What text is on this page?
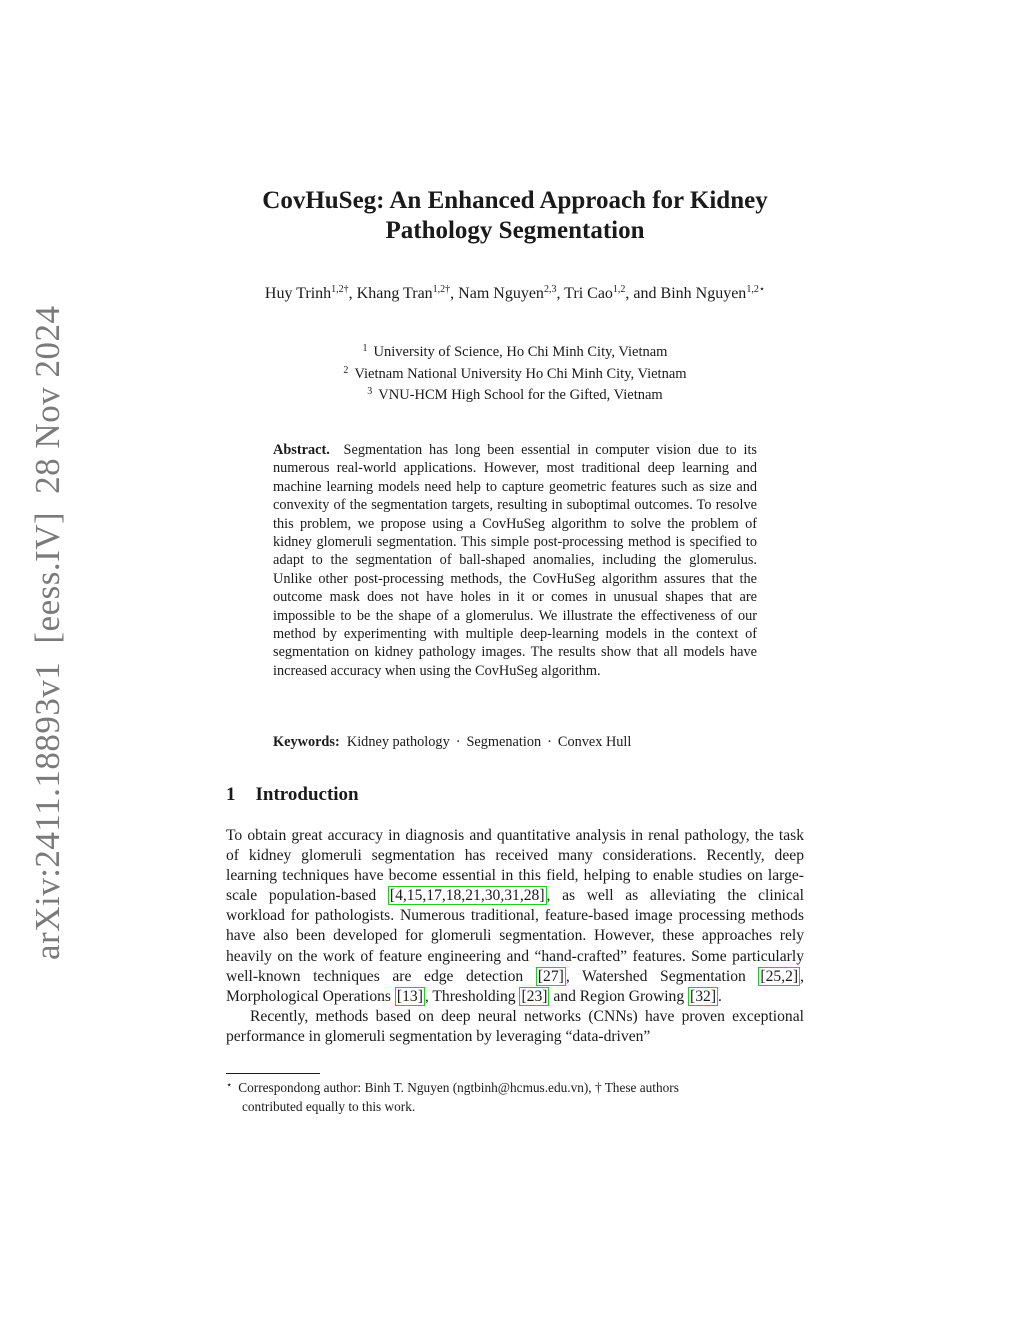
arXiv:2411.18893v1[eess.IV]28 Nov 2024
CovHuSeg: An Enhanced Approach for Kidney
Pathology Segmentation
Huy Trinh$^{1,2\dagger}$, Khang Tran$^{1,2\dagger}$, Nam Nguyen$^{2,3}$, Tri Cao$^{1,2}$, and Binh Nguyen$^{1,2⋆}$
$^1$ University of Science, Ho Chi Minh City, Vietnam
$^2$ Vietnam National University Ho Chi Minh City, Vietnam
$^3$ VNU-HCM High School for the Gifted, Vietnam
Abstract. Segmentation has long been essential in computer vision due to its numerous real-world applications. However, most traditional deep learning and machine learning models need help to capture geometric features such as size and convexity of the segmentation targets, resulting in suboptimal outcomes. To resolve this problem, we propose using a CovHuSeg algorithm to solve the problem of kidney glomeruli segmentation. This simple post-processing method is specified to adapt to the segmentation of ball-shaped anomalies, including the glomerulus. Unlike other post-processing methods, the CovHuSeg algorithm assures that the outcome mask does not have holes in it or comes in unusual shapes that are impossible to be the shape of a glomerulus. We illustrate the effectiveness of our method by experimenting with multiple deep-learning models in the context of segmentation on kidney pathology images. The results show that all models have increased accuracy when using the CovHuSeg algorithm.
Keywords: Kidney pathology · Segmenation · Convex Hull
1 Introduction

To obtain great accuracy in diagnosis and quantitative analysis in renal pathology, the task of kidney glomeruli segmentation has received many considerations. Recently, deep learning techniques have become essential in this field, helping to enable studies on large-scale population-based [4,15,17,18,21,30,31,28] , as well as alleviating the clinical workload for pathologists. Numerous traditional, feature-based image processing methods have also been developed for glomeruli segmentation. However, these approaches rely heavily on the work of feature engineering and “hand-crafted” features. Some particularly well-known techniques are edge detection [27] , Watershed Segmentation [25,2] , Morphological Operations [13] , Thresholding [23] and Region Growing [32] .

Recently, methods based on deep neural networks (CNNs) have proven exceptional performance in glomeruli segmentation by leveraging “data-driven”

⋆ Correspondong author: Binh T. Nguyen (ngtbinh@hcmus.edu.vn), † These authors
contributed equally to this work.
